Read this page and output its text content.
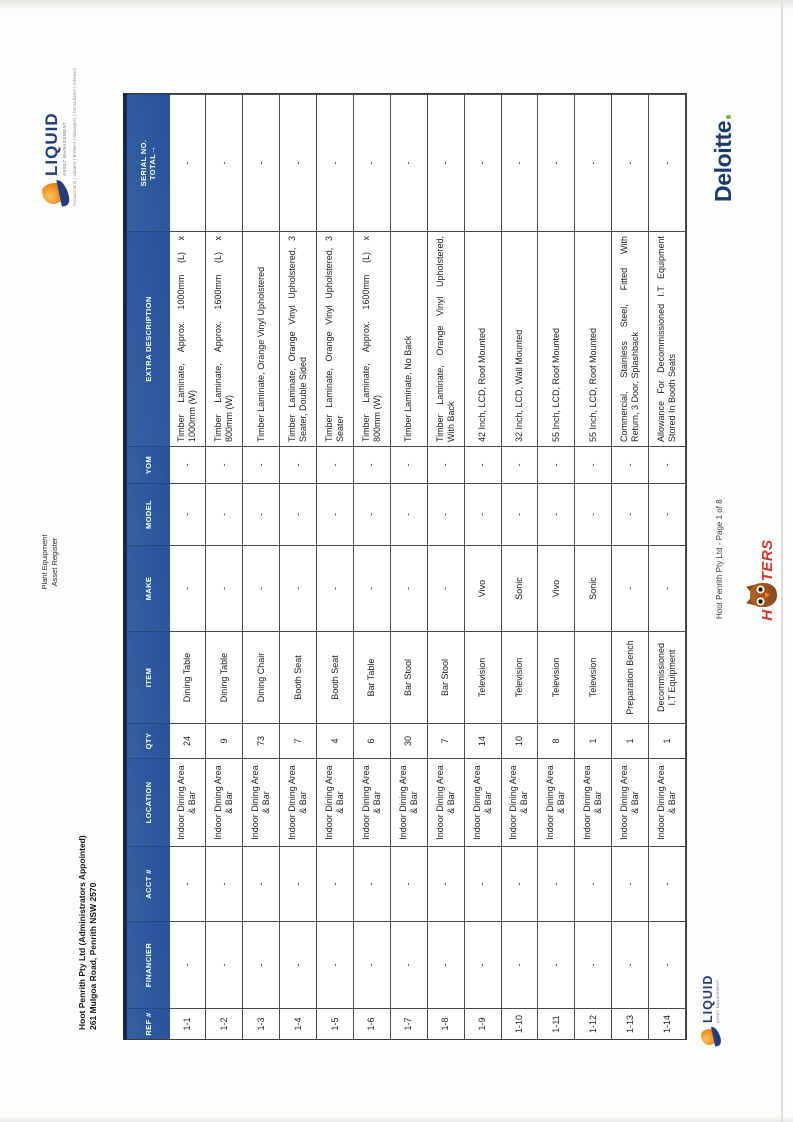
Hoot Penrith Pty Ltd (Administrators Appointed) 261 Mulgoa Road, Penrith NSW 2570
Plant Equipment Asset Register
LIQUID ASSET MANAGEMENT Accountants | Valuers | Brokers | Managers | Consultants | Advisors
REF #
FINANCIER
ACCT #
LOCATION
QTY
ITEM
MAKE
MODEL
YOM
EXTRA DESCRIPTION
SERIAL NO. TOTAL→
1-1
-
-
Indoor Dining Area & Bar
24
Dining Table
-
-
-
Timber Laminate, Approx. 1000mm (L) x 1000mm (W)
-
1-2
-
-
Indoor Dining Area & Bar
9
Dining Table
-
-
-
Timber Laminate, Approx. 1600mm (L) x 800mm (W)
-
1-3
-
-
Indoor Dining Area & Bar
73
Dining Chair
-
-
-
Timber Laminate, Orange Vinyl Upholstered
-
1-4
-
-
Indoor Dining Area & Bar
7
Booth Seat
-
-
-
Timber Laminate, Orange Vinyl Upholstered, 3 Seater, Double Sided
-
1-5
-
-
Indoor Dining Area & Bar
4
Booth Seat
-
-
-
Timber Laminate, Orange Vinyl Upholstered, 3 Seater
-
1-6
-
-
Indoor Dining Area & Bar
6
Bar Table
-
-
-
Timber Laminate, Approx. 1600mm (L) x 800mm (W)
-
1-7
-
-
Indoor Dining Area & Bar
30
Bar Stool
-
-
-
Timber Laminate, No Back
-
1-8
-
-
Indoor Dining Area & Bar
7
Bar Stool
-
-
-
Timber Laminate, Orange Vinyl Upholstered, With Back
-
1-9
-
-
Indoor Dining Area & Bar
14
Television
Vivo
-
-
42 Inch, LCD, Roof Mounted
-
1-10
-
-
Indoor Dining Area & Bar
10
Television
Sonic
-
-
32 Inch, LCD, Wall Mounted
-
1-11
-
-
Indoor Dining Area & Bar
8
Television
Vivo
-
-
55 Inch, LCD, Roof Mounted
-
1-12
-
-
Indoor Dining Area & Bar
1
Television
Sonic
-
-
55 Inch, LCD, Roof Mounted
-
1-13
-
-
Indoor Dining Area & Bar
1
Preparation Bench
-
-
-
Commercial, Stainless Steel, Fitted With Return, 3 Door, Splashback
-
1-14
-
-
Indoor Dining Area & Bar
1
Decommissioned I.T Equipment
-
-
-
Allowance For Decommissioned I.T Equipment Stored In Booth Seats
-
Hoot Penrith Pty Ltd - Page 1 of 8 H
TERS
LIQUID ASSET MANAGEMENT
Deloitte
